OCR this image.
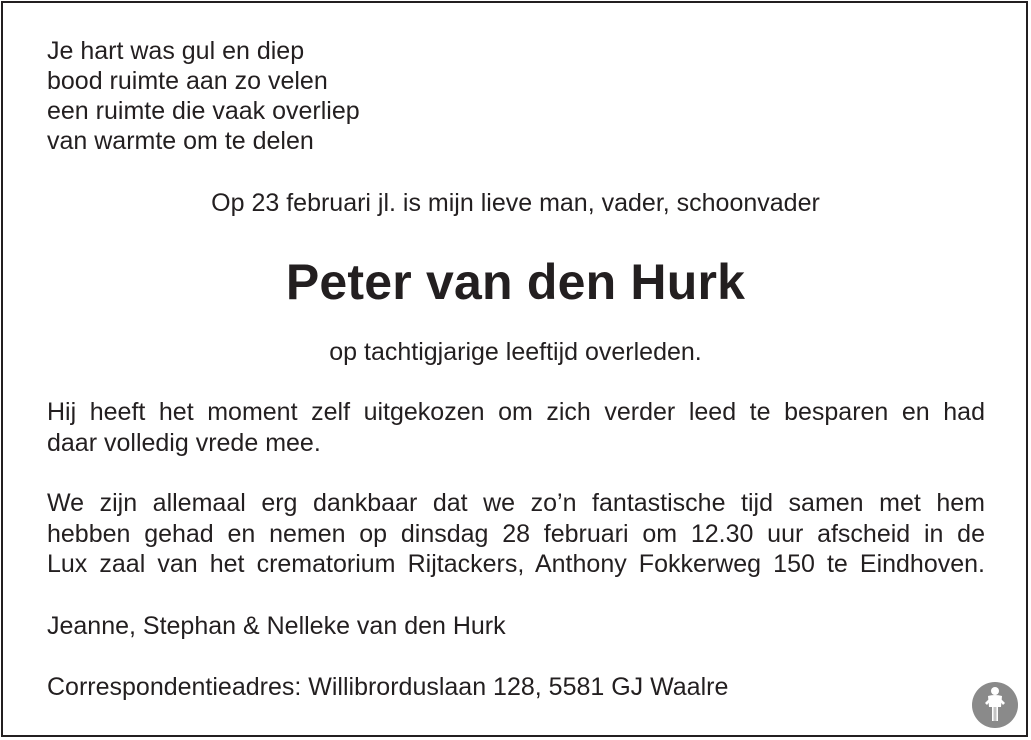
Je hart was gul en diep
bood ruimte aan zo velen
een ruimte die vaak overliep
van warmte om te delen
Op 23 februari jl. is mijn lieve man, vader, schoonvader
Peter van den Hurk
op tachtigjarige leeftijd overleden.
Hij heeft het moment zelf uitgekozen om zich verder leed te besparen en had
daar volledig vrede mee.
We zijn allemaal erg dankbaar dat we zo’n fantastische tijd samen met hem
hebben gehad en nemen op dinsdag 28 februari om 12.30 uur afscheid in de
Lux zaal van het crematorium Rijtackers, Anthony Fokkerweg 150 te Eindhoven.
Jeanne, Stephan & Nelleke van den Hurk
Correspondentieadres: Willibrorduslaan 128, 5581 GJ Waalre
